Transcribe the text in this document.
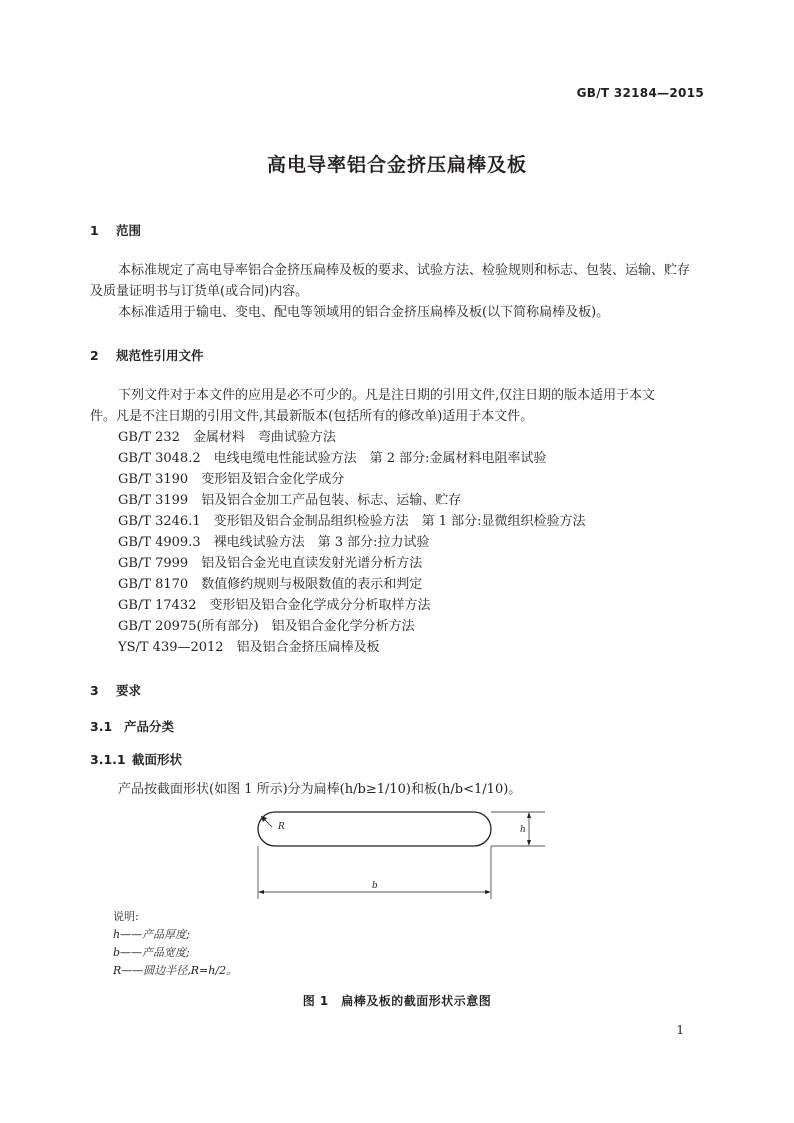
GB/T 32184—2015
高电导率铝合金挤压扁棒及板
1 范围
本标准规定了高电导率铝合金挤压扁棒及板的要求、试验方法、检验规则和标志、包装、运输、贮存
及质量证明书与订货单(或合同)内容。
本标准适用于输电、变电、配电等领域用的铝合金挤压扁棒及板(以下简称扁棒及板)。
2 规范性引用文件
下列文件对于本文件的应用是必不可少的。凡是注日期的引用文件,仅注日期的版本适用于本文
件。凡是不注日期的引用文件,其最新版本(包括所有的修改单)适用于本文件。
GB/T 232　金属材料　弯曲试验方法
GB/T 3048.2　电线电缆电性能试验方法　第 2 部分:金属材料电阻率试验
GB/T 3190　变形铝及铝合金化学成分
GB/T 3199　铝及铝合金加工产品包装、标志、运输、贮存
GB/T 3246.1　变形铝及铝合金制品组织检验方法　第 1 部分:显微组织检验方法
GB/T 4909.3　裸电线试验方法　第 3 部分:拉力试验
GB/T 7999　铝及铝合金光电直读发射光谱分析方法
GB/T 8170　数值修约规则与极限数值的表示和判定
GB/T 17432　变形铝及铝合金化学成分分析取样方法
GB/T 20975(所有部分)　铝及铝合金化学分析方法
YS/T 439—2012　铝及铝合金挤压扁棒及板
3 要求
3.1 产品分类
3.1.1 截面形状
产品按截面形状(如图 1 所示)分为扁棒(h/b≥1/10)和板(h/b<1/10)。
R	h
b
说明:
h——产品厚度;
b——产品宽度;
R——圆边半径,R=h/2。
图 1　扁棒及板的截面形状示意图
1
